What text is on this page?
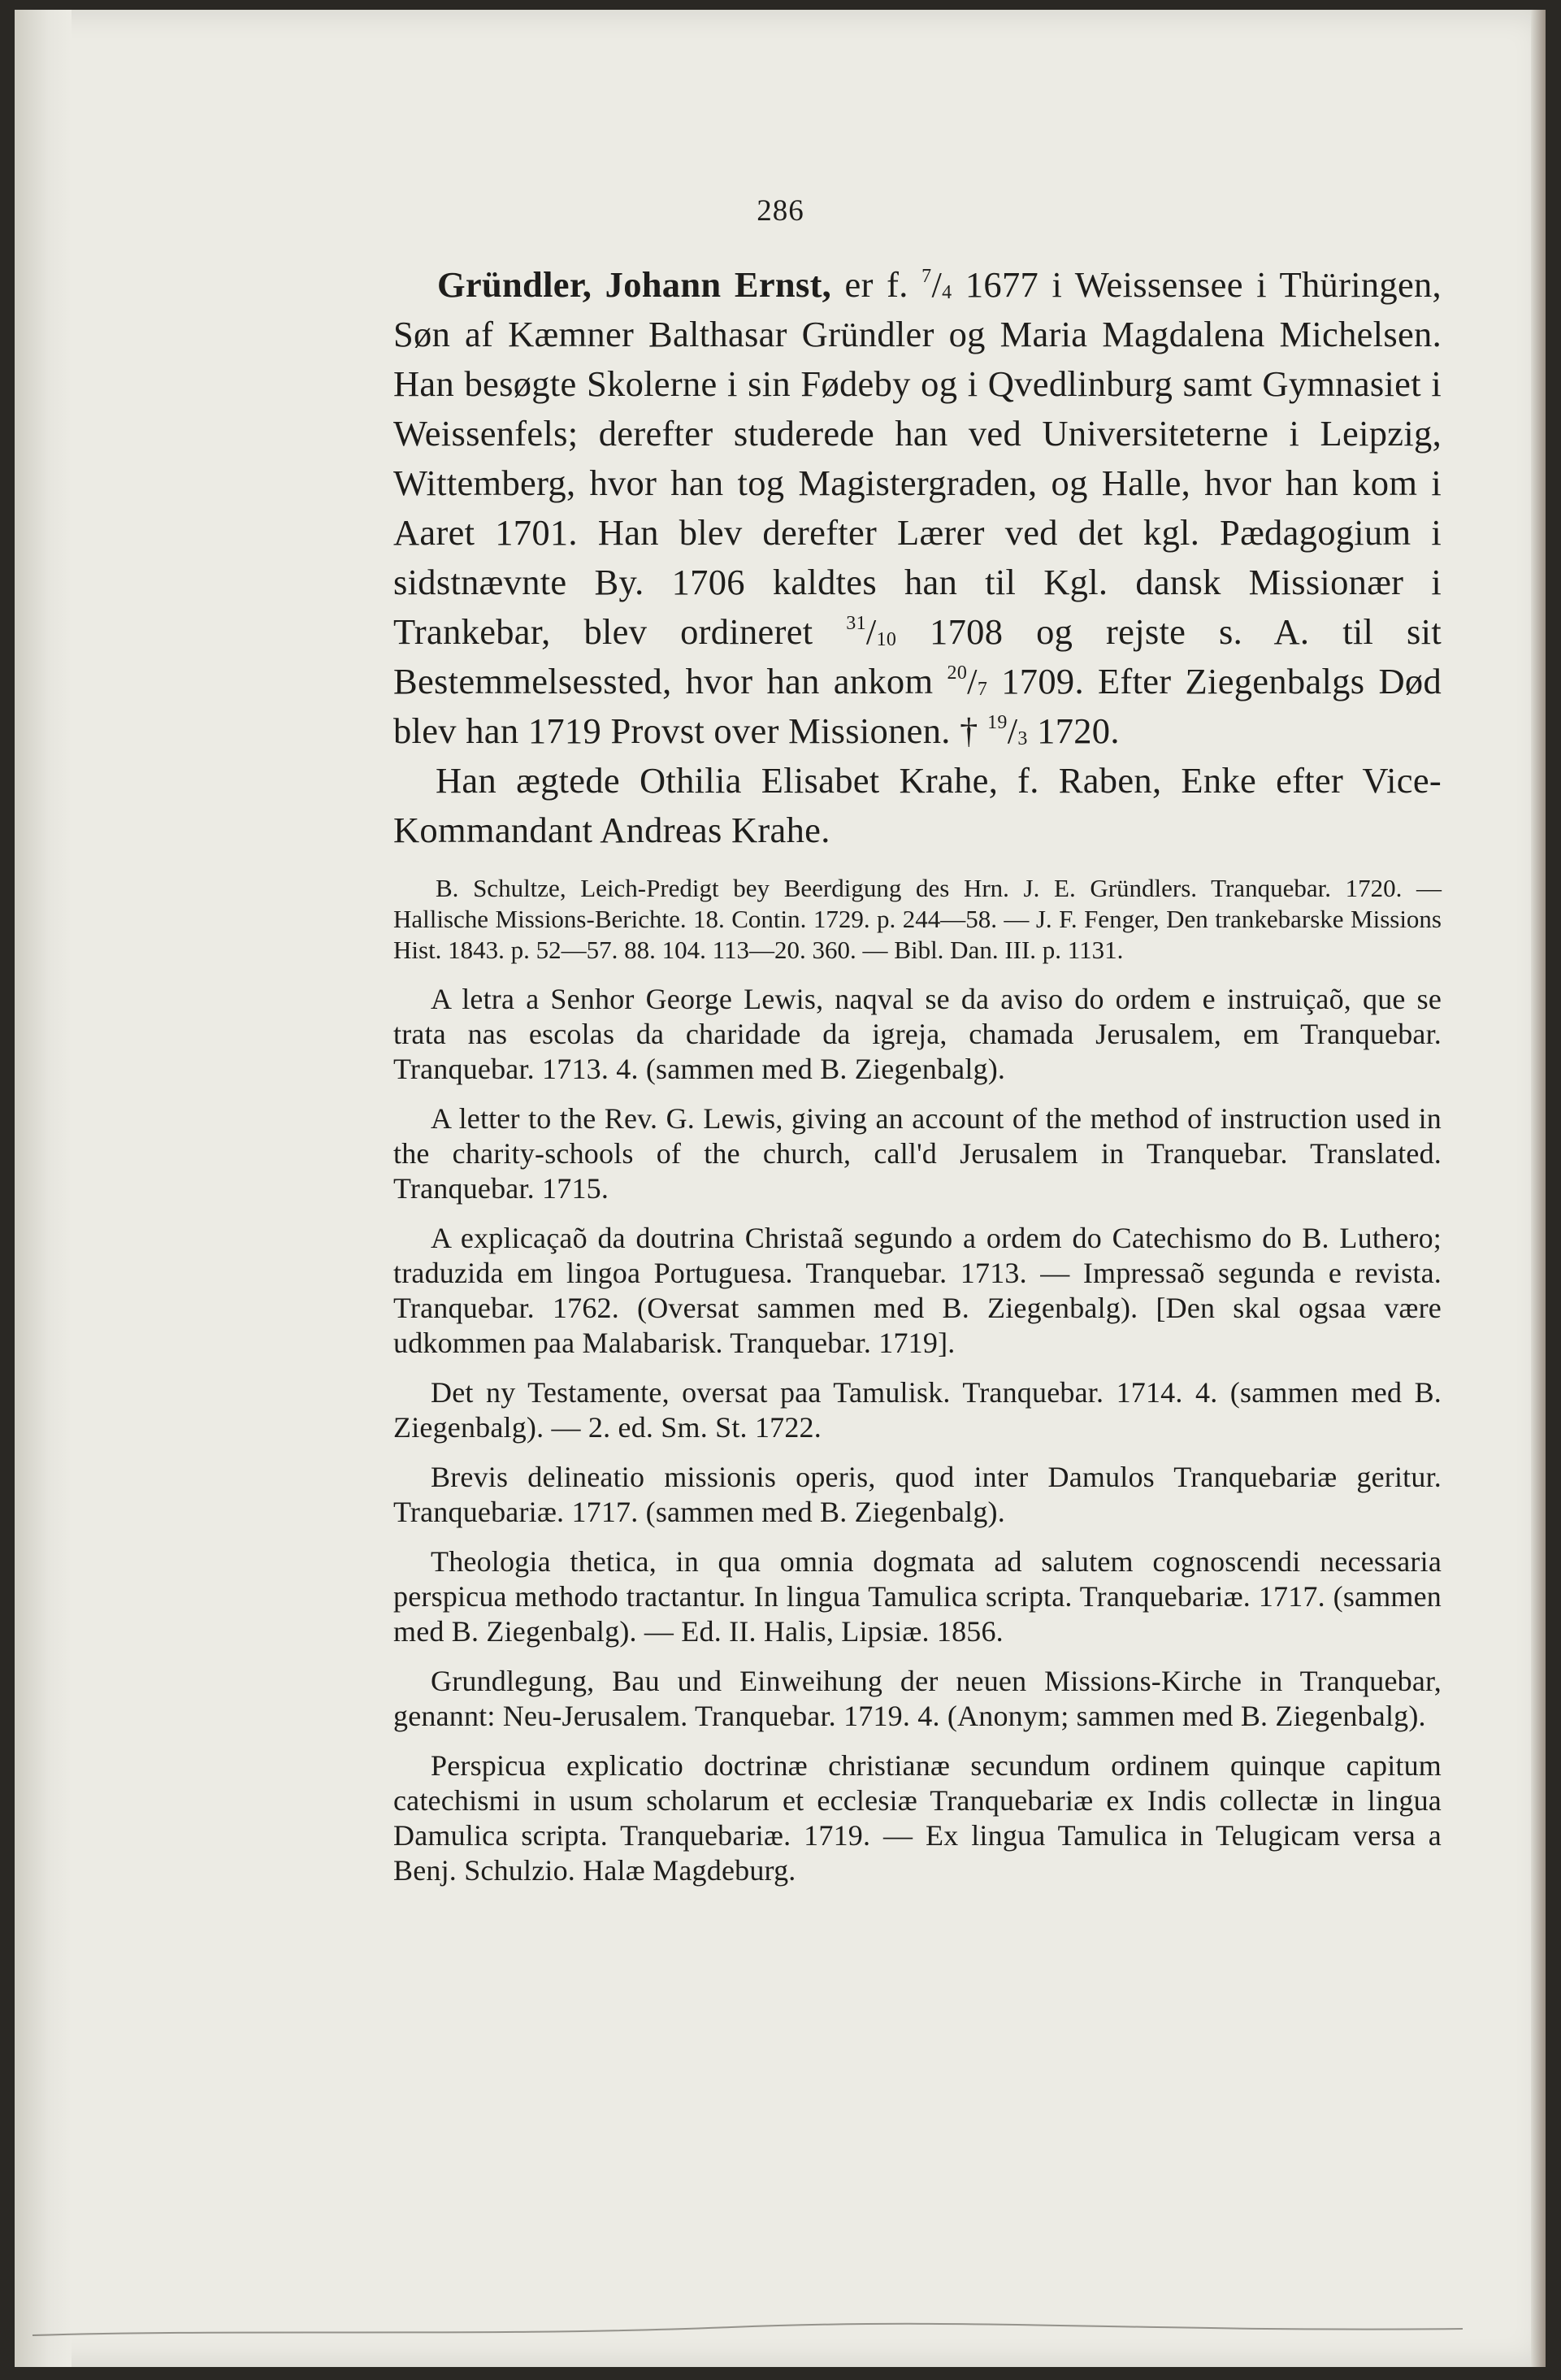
286

Gründler, Johann Ernst, er f. $^7/_4$ 1677 i Weissensee i Thüringen, Søn af Kæmner Balthasar Gründler og Maria Magdalena Michelsen. Han besøgte Skolerne i sin Fødeby og i Qvedlinburg samt Gymnasiet i Weissenfels; derefter studerede han ved Universiteterne i Leipzig, Wittemberg, hvor han tog Magistergraden, og Halle, hvor han kom i Aaret 1701. Han blev derefter Lærer ved det kgl. Pædagogium i sidstnævnte By. 1706 kaldtes han til Kgl. dansk Missionær i Trankebar, blev ordineret $^{31}/_{10}$ 1708 og rejste s. A. til sit Bestemmelsessted, hvor han ankom $^{20}/_7$ 1709. Efter Ziegenbalgs Død blev han 1719 Provst over Missionen. † $^{19}/_3$ 1720.

Han ægtede Othilia Elisabet Krahe, f. Raben, Enke efter Vice-Kommandant Andreas Krahe.

B. Schultze, Leich-Predigt bey Beerdigung des Hrn. J. E. Gründlers. Tranquebar. 1720. — Hallische Missions-Berichte. 18. Contin. 1729. p. 244—58. — J. F. Fenger, Den trankebarske Missions Hist. 1843. p. 52—57. 88. 104. 113—20. 360. — Bibl. Dan. III. p. 1131.

A letra a Senhor George Lewis, naqval se da aviso do ordem e instruiçaõ, que se trata nas escolas da charidade da igreja, chamada Jerusalem, em Tranquebar. Tranquebar. 1713. 4. (sammen med B. Ziegenbalg).

A letter to the Rev. G. Lewis, giving an account of the method of instruction used in the charity-schools of the church, call'd Jerusalem in Tranquebar. Translated. Tranquebar. 1715.

A explicaçaõ da doutrina Christaã segundo a ordem do Catechismo do B. Luthero; traduzida em lingoa Portuguesa. Tranquebar. 1713. — Impressaõ segunda e revista. Tranquebar. 1762. (Oversat sammen med B. Ziegenbalg). [Den skal ogsaa være udkommen paa Malabarisk. Tranquebar. 1719].

Det ny Testamente, oversat paa Tamulisk. Tranquebar. 1714. 4. (sammen med B. Ziegenbalg). — 2. ed. Sm. St. 1722.

Brevis delineatio missionis operis, quod inter Damulos Tranquebariæ geritur. Tranquebariæ. 1717. (sammen med B. Ziegenbalg).

Theologia thetica, in qua omnia dogmata ad salutem cognoscendi necessaria perspicua methodo tractantur. In lingua Tamulica scripta. Tranquebariæ. 1717. (sammen med B. Ziegenbalg). — Ed. II. Halis, Lipsiæ. 1856.

Grundlegung, Bau und Einweihung der neuen Missions-Kirche in Tranquebar, genannt: Neu-Jerusalem. Tranquebar. 1719. 4. (Anonym; sammen med B. Ziegenbalg).

Perspicua explicatio doctrinæ christianæ secundum ordinem quinque capitum catechismi in usum scholarum et ecclesiæ Tranquebariæ ex Indis collectæ in lingua Damulica scripta. Tranquebariæ. 1719. — Ex lingua Tamulica in Telugicam versa a Benj. Schulzio. Halæ Magdeburg.
